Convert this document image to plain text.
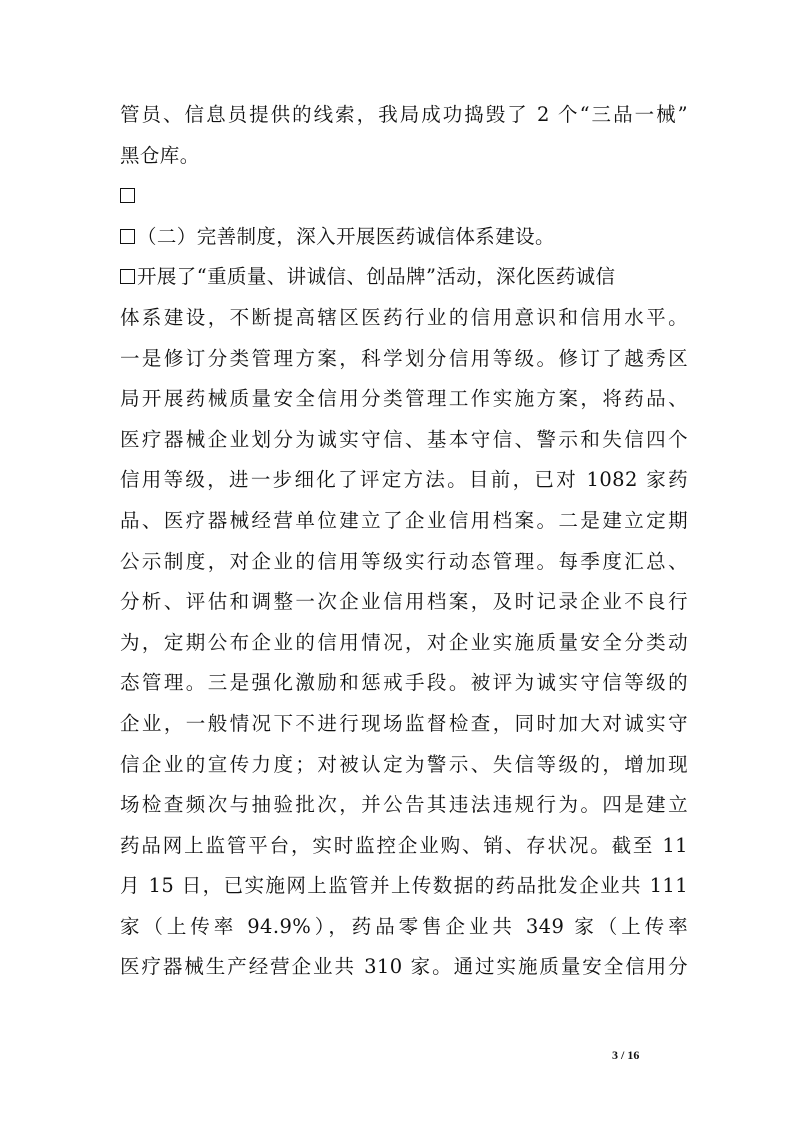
管员、信息员提供的线索，我局成功捣毁了 2 个“三品一械”
黑仓库。
（二）完善制度，深入开展医药诚信体系建设。
开展了“重质量、讲诚信、创品牌”活动，深化医药诚信
体系建设，不断提高辖区医药行业的信用意识和信用水平。
一是修订分类管理方案，科学划分信用等级。修订了越秀区
局开展药械质量安全信用分类管理工作实施方案，将药品、
医疗器械企业划分为诚实守信、基本守信、警示和失信四个
信用等级，进一步细化了评定方法。目前，已对 1082 家药
品、医疗器械经营单位建立了企业信用档案。二是建立定期
公示制度，对企业的信用等级实行动态管理。每季度汇总、
分析、评估和调整一次企业信用档案，及时记录企业不良行
为，定期公布企业的信用情况，对企业实施质量安全分类动
态管理。三是强化激励和惩戒手段。被评为诚实守信等级的
企业，一般情况下不进行现场监督检查，同时加大对诚实守
信企业的宣传力度；对被认定为警示、失信等级的，增加现
场检查频次与抽验批次，并公告其违法违规行为。四是建立
药品网上监管平台，实时监控企业购、销、存状况。截至 11
月 15 日，已实施网上监管并上传数据的药品批发企业共 111
家（上传率 94.9%），药品零售企业共 349 家（上传率
医疗器械生产经营企业共 310 家。通过实施质量安全信用分
3 / 16
